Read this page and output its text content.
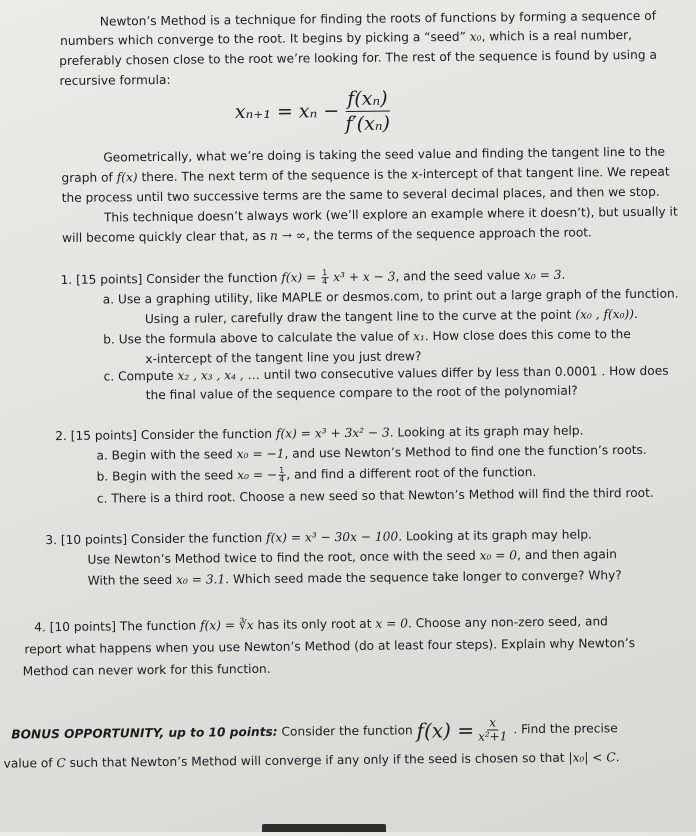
Newton’s Method is a technique for finding the roots of functions by forming a sequence of
numbers which converge to the root. It begins by picking a “seed” x₀, which is a real number,
preferably chosen close to the root we’re looking for. The rest of the sequence is found by using a
recursive formula:
$x_{n+1} = x_n - \frac{\text{f(xₙ)}}{\text{f′(xₙ)}}$
Geometrically, what we’re doing is taking the seed value and finding the tangent line to the
graph of f(x) there. The next term of the sequence is the x-intercept of that tangent line. We repeat
the process until two successive terms are the same to several decimal places, and then we stop.
This technique doesn’t always work (we’ll explore an example where it doesn’t), but usually it
will become quickly clear that, as n → ∞, the terms of the sequence approach the root.
1. [15 points] Consider the function $f(x) = \frac{1}{4} x^3 + x - 3$, and the seed value x₀ = 3.
a. Use a graphing utility, like MAPLE or desmos.com, to print out a large graph of the function.
Using a ruler, carefully draw the tangent line to the curve at the point (x₀ , f(x₀)).
b. Use the formula above to calculate the value of x₁. How close does this come to the
x-intercept of the tangent line you just drew?
c. Compute x₂ , x₃ , x₄ , … until two consecutive values differ by less than 0.0001 . How does
the final value of the sequence compare to the root of the polynomial?
2. [15 points] Consider the function f(x) = x³ + 3x² − 3. Looking at its graph may help.
a. Begin with the seed x₀ = −1, and use Newton’s Method to find one the function’s roots.
b. Begin with the seed x₀ = − $\frac{1}{4}$ , and find a different root of the function.
c. There is a third root. Choose a new seed so that Newton’s Method will find the third root.
3. [10 points] Consider the function f(x) = x³ − 30x − 100. Looking at its graph may help.
Use Newton’s Method twice to find the root, once with the seed x₀ = 0, and then again
With the seed x₀ = 3.1. Which seed made the sequence take longer to converge? Why?
4. [10 points] The function f(x) = ∛x has its only root at x = 0. Choose any non-zero seed, and
report what happens when you use Newton’s Method (do at least four steps). Explain why Newton’s
Method can never work for this function.
BONUS OPPORTUNITY, up to 10 points: Consider the function $f(x) = \frac{x}{\text{x²+1}}$ . Find the precise
value of C such that Newton’s Method will converge if any only if the seed is chosen so that |x₀| < C.
